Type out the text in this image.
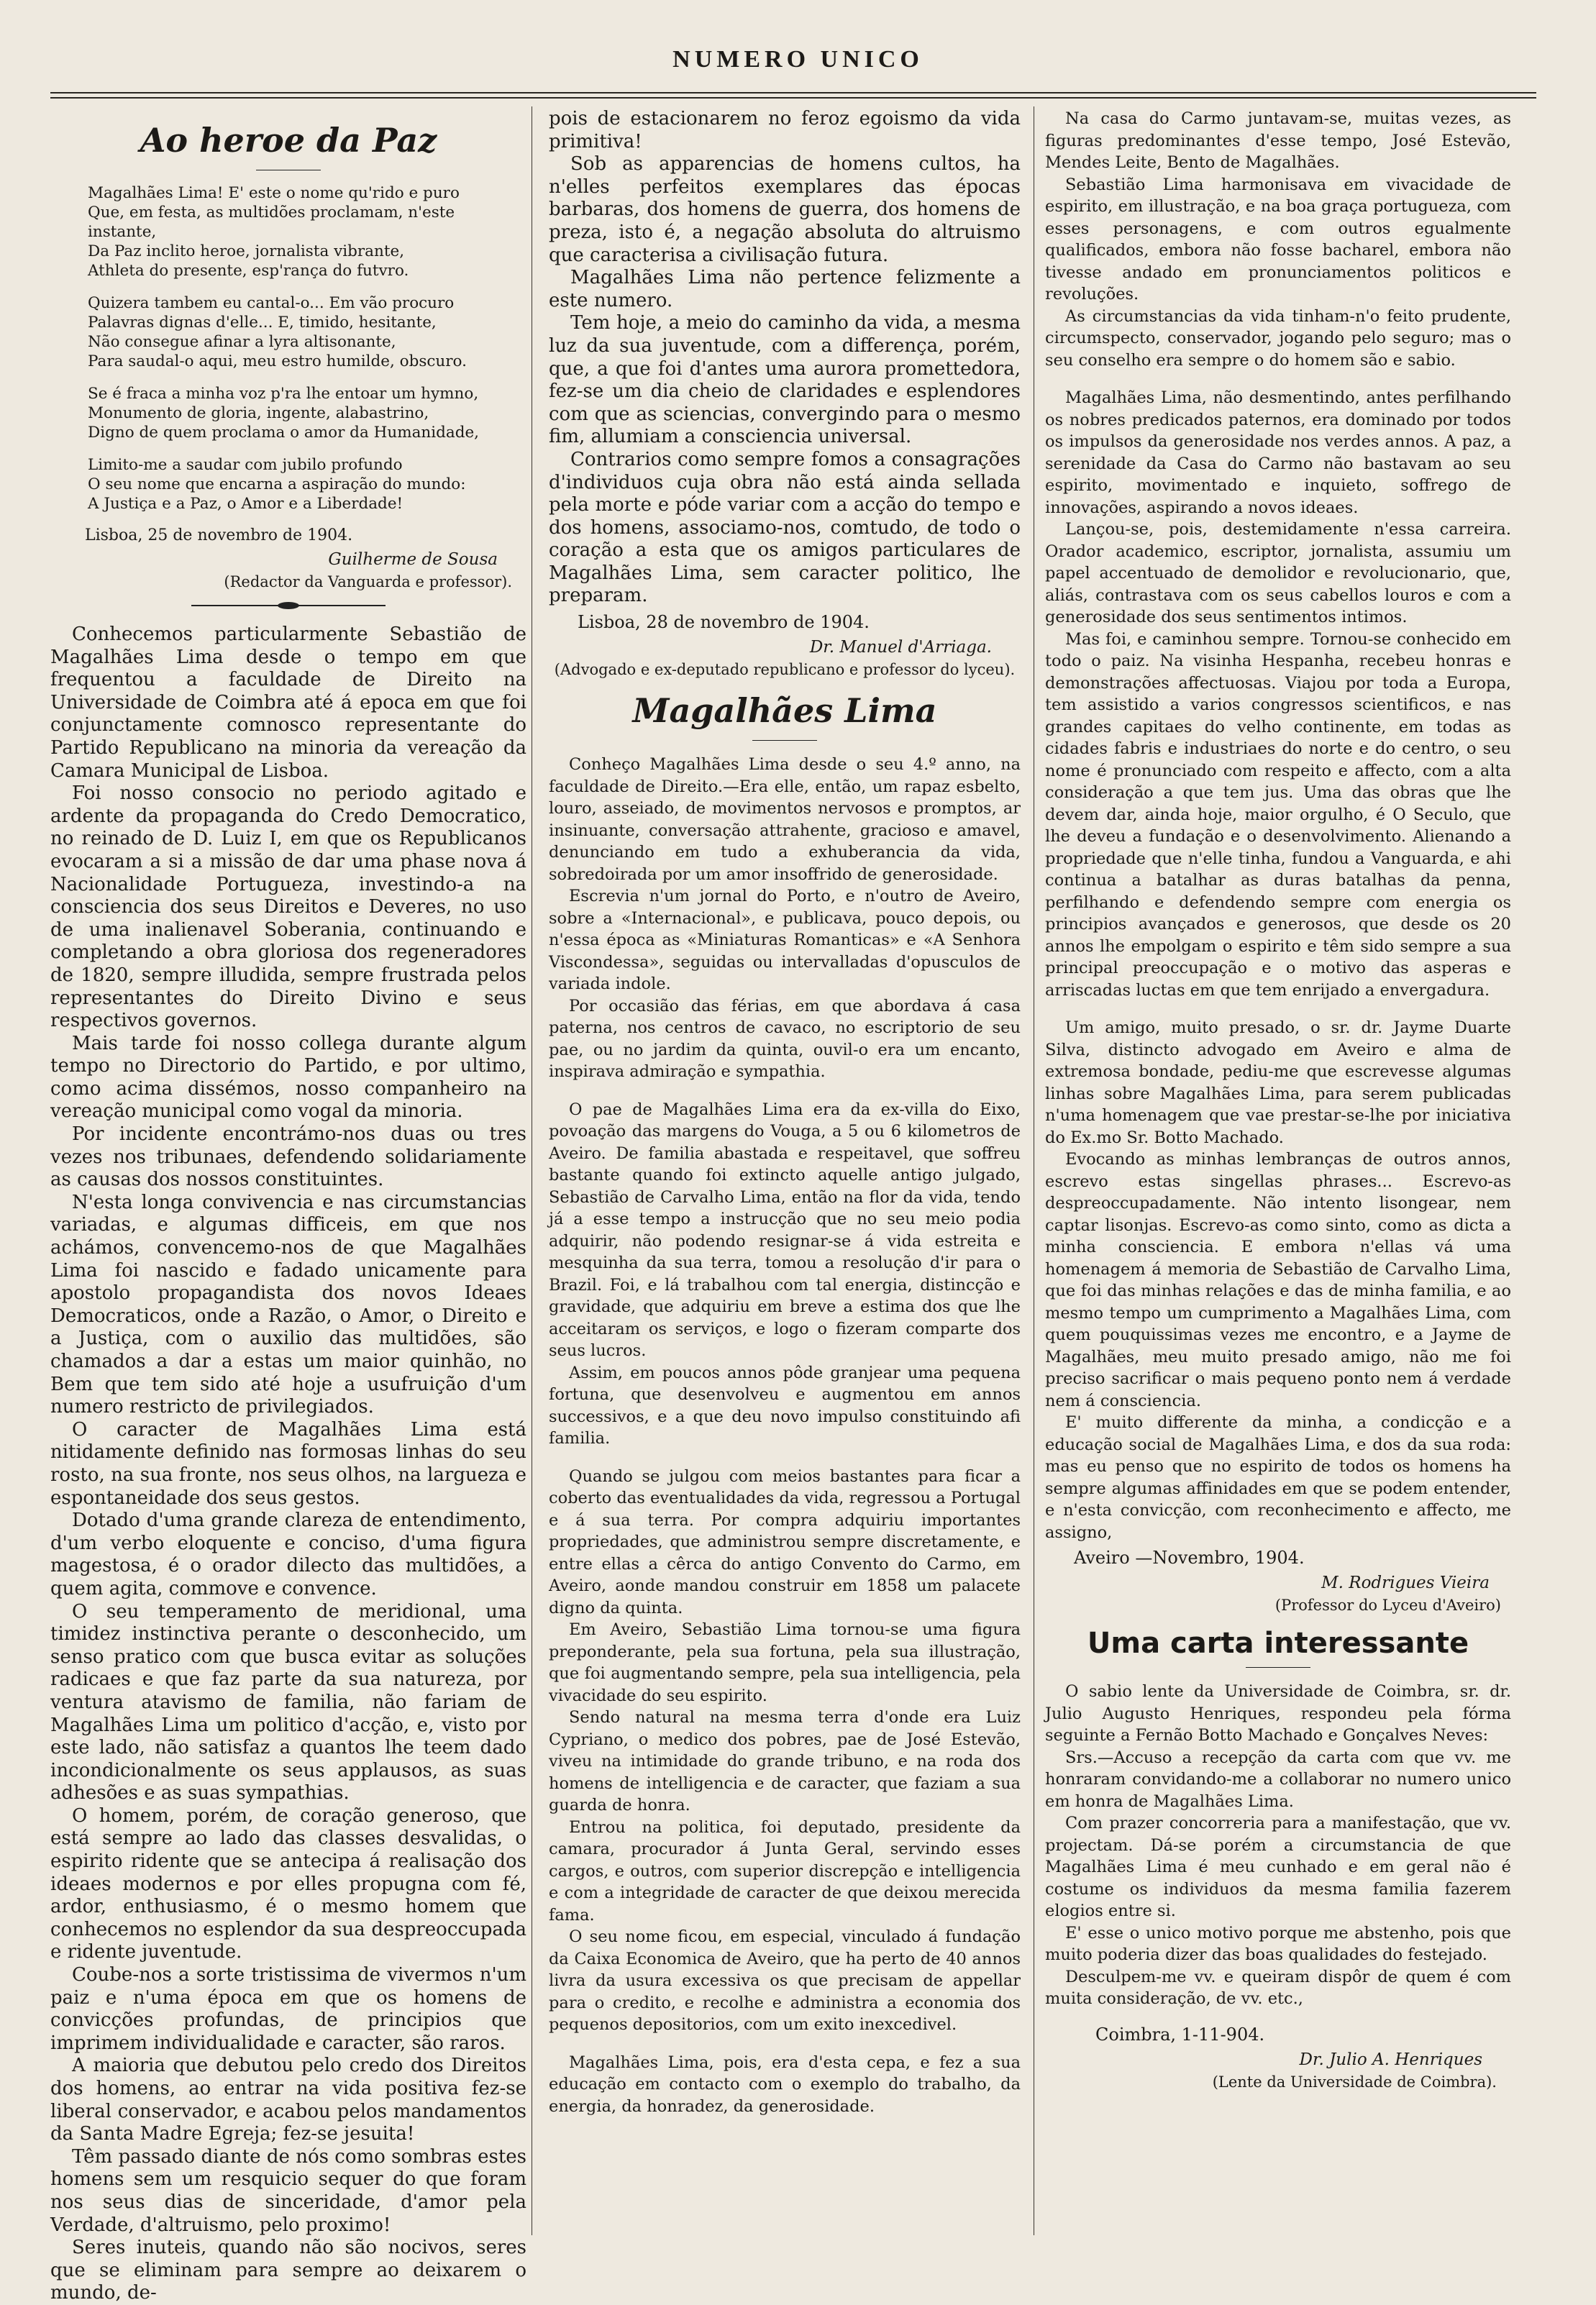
NUMERO UNICO
Ao heroe da Paz

Magalhães Lima! E' este o nome qu'rido e puro
Que, em festa, as multidões proclamam, n'este instante,
Da Paz inclito heroe, jornalista vibrante,
Athleta do presente, esp'rança do futvro.

Quizera tambem eu cantal-o... Em vão procuro
Palavras dignas d'elle... E, timido, hesitante,
Não consegue afinar a lyra altisonante,
Para saudal-o aqui, meu estro humilde, obscuro.

Se é fraca a minha voz p'ra lhe entoar um hymno,
Monumento de gloria, ingente, alabastrino,
Digno de quem proclama o amor da Humanidade,

Limito-me a saudar com jubilo profundo
O seu nome que encarna a aspiração do mundo:
A Justiça e a Paz, o Amor e a Liberdade!

Lisboa, 25 de novembro de 1904.
Guilherme de Sousa
(Redactor da Vanguarda e professor).

Conhecemos particularmente Sebastião de Magalhães Lima desde o tempo em que frequentou a faculdade de Direito na Universidade de Coimbra até á epoca em que foi conjunctamente comnosco representante do Partido Republicano na minoria da vereação da Camara Municipal de Lisboa.

Foi nosso consocio no periodo agitado e ardente da propaganda do Credo Democratico, no reinado de D. Luiz I, em que os Republicanos evocaram a si a missão de dar uma phase nova á Nacionalidade Portugueza, investindo-a na consciencia dos seus Direitos e Deveres, no uso de uma inalienavel Soberania, continuando e completando a obra gloriosa dos regeneradores de 1820, sempre illudida, sempre frustrada pelos representantes do Direito Divino e seus respectivos governos.

Mais tarde foi nosso collega durante algum tempo no Directorio do Partido, e por ultimo, como acima dissémos, nosso companheiro na vereação municipal como vogal da minoria.

Por incidente encontrámo-nos duas ou tres vezes nos tribunaes, defendendo solidariamente as causas dos nossos constituintes.

N'esta longa convivencia e nas circumstancias variadas, e algumas difficeis, em que nos achámos, convencemo-nos de que Magalhães Lima foi nascido e fadado unicamente para apostolo propagandista dos novos Ideaes Democraticos, onde a Razão, o Amor, o Direito e a Justiça, com o auxilio das multidões, são chamados a dar a estas um maior quinhão, no Bem que tem sido até hoje a usufruição d'um numero restricto de privilegiados.

O caracter de Magalhães Lima está nitidamente definido nas formosas linhas do seu rosto, na sua fronte, nos seus olhos, na largueza e espontaneidade dos seus gestos.

Dotado d'uma grande clareza de entendimento, d'um verbo eloquente e conciso, d'uma figura magestosa, é o orador dilecto das multidões, a quem agita, commove e convence.

O seu temperamento de meridional, uma timidez instinctiva perante o desconhecido, um senso pratico com que busca evitar as soluções radicaes e que faz parte da sua natureza, por ventura atavismo de familia, não fariam de Magalhães Lima um politico d'acção, e, visto por este lado, não satisfaz a quantos lhe teem dado incondicionalmente os seus applausos, as suas adhesões e as suas sympathias.

O homem, porém, de coração generoso, que está sempre ao lado das classes desvalidas, o espirito ridente que se antecipa á realisação dos ideaes modernos e por elles propugna com fé, ardor, enthusiasmo, é o mesmo homem que conhecemos no esplendor da sua despreoccupada e ridente juventude.

Coube-nos a sorte tristissima de vivermos n'um paiz e n'uma época em que os homens de convicções profundas, de principios que imprimem individualidade e caracter, são raros.

A maioria que debutou pelo credo dos Direitos dos homens, ao entrar na vida positiva fez-se liberal conservador, e acabou pelos mandamentos da Santa Madre Egreja; fez-se jesuita!

Têm passado diante de nós como sombras estes homens sem um resquicio sequer do que foram nos seus dias de sinceridade, d'amor pela Verdade, d'altruismo, pelo proximo!

Seres inuteis, quando não são nocivos, seres que se eliminam para sempre ao deixarem o mundo, de-

pois de estacionarem no feroz egoismo da vida primitiva!

Sob as apparencias de homens cultos, ha n'elles perfeitos exemplares das épocas barbaras, dos homens de guerra, dos homens de preza, isto é, a negação absoluta do altruismo que caracterisa a civilisação futura.

Magalhães Lima não pertence felizmente a este numero.

Tem hoje, a meio do caminho da vida, a mesma luz da sua juventude, com a differença, porém, que, a que foi d'antes uma aurora promettedora, fez-se um dia cheio de claridades e esplendores com que as sciencias, convergindo para o mesmo fim, allumiam a consciencia universal.

Contrarios como sempre fomos a consagrações d'individuos cuja obra não está ainda sellada pela morte e póde variar com a acção do tempo e dos homens, associamo-nos, comtudo, de todo o coração a esta que os amigos particulares de Magalhães Lima, sem caracter politico, lhe preparam.

Lisboa, 28 de novembro de 1904.
Dr. Manuel d'Arriaga.
(Advogado e ex-deputado republicano e professor do lyceu).
Magalhães Lima

Conheço Magalhães Lima desde o seu 4.º anno, na faculdade de Direito.—Era elle, então, um rapaz esbelto, louro, asseiado, de movimentos nervosos e promptos, ar insinuante, conversação attrahente, gracioso e amavel, denunciando em tudo a exhuberancia da vida, sobredoirada por um amor insoffrido de generosidade.

Escrevia n'um jornal do Porto, e n'outro de Aveiro, sobre a «Internacional», e publicava, pouco depois, ou n'essa época as «Miniaturas Romanticas» e «A Senhora Viscondessa», seguidas ou intervalladas d'opusculos de variada indole.

Por occasião das férias, em que abordava á casa paterna, nos centros de cavaco, no escriptorio de seu pae, ou no jardim da quinta, ouvil-o era um encanto, inspirava admiração e sympathia.

O pae de Magalhães Lima era da ex-villa do Eixo, povoação das margens do Vouga, a 5 ou 6 kilometros de Aveiro. De familia abastada e respeitavel, que soffreu bastante quando foi extincto aquelle antigo julgado, Sebastião de Carvalho Lima, então na flor da vida, tendo já a esse tempo a instrucção que no seu meio podia adquirir, não podendo resignar-se á vida estreita e mesquinha da sua terra, tomou a resolução d'ir para o Brazil. Foi, e lá trabalhou com tal energia, distincção e gravidade, que adquiriu em breve a estima dos que lhe acceitaram os serviços, e logo o fizeram comparte dos seus lucros.

Assim, em poucos annos pôde granjear uma pequena fortuna, que desenvolveu e augmentou em annos successivos, e a que deu novo impulso constituindo afi familia.

Quando se julgou com meios bastantes para ficar a coberto das eventualidades da vida, regressou a Portugal e á sua terra. Por compra adquiriu importantes propriedades, que administrou sempre discretamente, e entre ellas a cêrca do antigo Convento do Carmo, em Aveiro, aonde mandou construir em 1858 um palacete digno da quinta.

Em Aveiro, Sebastião Lima tornou-se uma figura preponderante, pela sua fortuna, pela sua illustração, que foi augmentando sempre, pela sua intelligencia, pela vivacidade do seu espirito.

Sendo natural na mesma terra d'onde era Luiz Cypriano, o medico dos pobres, pae de José Estevão, viveu na intimidade do grande tribuno, e na roda dos homens de intelligencia e de caracter, que faziam a sua guarda de honra.

Entrou na politica, foi deputado, presidente da camara, procurador á Junta Geral, servindo esses cargos, e outros, com superior discrepção e intelligencia e com a integridade de caracter de que deixou merecida fama.

O seu nome ficou, em especial, vinculado á fundação da Caixa Economica de Aveiro, que ha perto de 40 annos livra da usura excessiva os que precisam de appellar para o credito, e recolhe e administra a economia dos pequenos depositorios, com um exito inexcedivel.

Magalhães Lima, pois, era d'esta cepa, e fez a sua educação em contacto com o exemplo do trabalho, da energia, da honradez, da generosidade.

Na casa do Carmo juntavam-se, muitas vezes, as figuras predominantes d'esse tempo, José Estevão, Mendes Leite, Bento de Magalhães.

Sebastião Lima harmonisava em vivacidade de espirito, em illustração, e na boa graça portugueza, com esses personagens, e com outros egualmente qualificados, embora não fosse bacharel, embora não tivesse andado em pronunciamentos politicos e revoluções.

As circumstancias da vida tinham-n'o feito prudente, circumspecto, conservador, jogando pelo seguro; mas o seu conselho era sempre o do homem são e sabio.

Magalhães Lima, não desmentindo, antes perfilhando os nobres predicados paternos, era dominado por todos os impulsos da generosidade nos verdes annos. A paz, a serenidade da Casa do Carmo não bastavam ao seu espirito, movimentado e inquieto, soffrego de innovações, aspirando a novos ideaes.

Lançou-se, pois, destemidamente n'essa carreira. Orador academico, escriptor, jornalista, assumiu um papel accentuado de demolidor e revolucionario, que, aliás, contrastava com os seus cabellos louros e com a generosidade dos seus sentimentos intimos.

Mas foi, e caminhou sempre. Tornou-se conhecido em todo o paiz. Na visinha Hespanha, recebeu honras e demonstrações affectuosas. Viajou por toda a Europa, tem assistido a varios congressos scientificos, e nas grandes capitaes do velho continente, em todas as cidades fabris e industriaes do norte e do centro, o seu nome é pronunciado com respeito e affecto, com a alta consideração a que tem jus. Uma das obras que lhe devem dar, ainda hoje, maior orgulho, é O Seculo, que lhe deveu a fundação e o desenvolvimento. Alienando a propriedade que n'elle tinha, fundou a Vanguarda, e ahi continua a batalhar as duras batalhas da penna, perfilhando e defendendo sempre com energia os principios avançados e generosos, que desde os 20 annos lhe empolgam o espirito e têm sido sempre a sua principal preoccupação e o motivo das asperas e arriscadas luctas em que tem enrijado a envergadura.

Um amigo, muito presado, o sr. dr. Jayme Duarte Silva, distincto advogado em Aveiro e alma de extremosa bondade, pediu-me que escrevesse algumas linhas sobre Magalhães Lima, para serem publicadas n'uma homenagem que vae prestar-se-lhe por iniciativa do Ex.mo Sr. Botto Machado.

Evocando as minhas lembranças de outros annos, escrevo estas singellas phrases... Escrevo-as despreoccupadamente. Não intento lisongear, nem captar lisonjas. Escrevo-as como sinto, como as dicta a minha consciencia. E embora n'ellas vá uma homenagem á memoria de Sebastião de Carvalho Lima, que foi das minhas relações e das de minha familia, e ao mesmo tempo um cumprimento a Magalhães Lima, com quem pouquissimas vezes me encontro, e a Jayme de Magalhães, meu muito presado amigo, não me foi preciso sacrificar o mais pequeno ponto nem á verdade nem á consciencia.

E' muito differente da minha, a condicção e a educação social de Magalhães Lima, e dos da sua roda: mas eu penso que no espirito de todos os homens ha sempre algumas affinidades em que se podem entender, e n'esta convicção, com reconhecimento e affecto, me assigno,

Aveiro —Novembro, 1904.
M. Rodrigues Vieira
(Professor do Lyceu d'Aveiro)
Uma carta interessante

O sabio lente da Universidade de Coimbra, sr. dr. Julio Augusto Henriques, respondeu pela fórma seguinte a Fernão Botto Machado e Gonçalves Neves:

Srs.—Accuso a recepção da carta com que vv. me honraram convidando-me a collaborar no numero unico em honra de Magalhães Lima.

Com prazer concorreria para a manifestação, que vv. projectam. Dá-se porém a circumstancia de que Magalhães Lima é meu cunhado e em geral não é costume os individuos da mesma familia fazerem elogios entre si.

E' esse o unico motivo porque me abstenho, pois que muito poderia dizer das boas qualidades do festejado.

Desculpem-me vv. e queiram dispôr de quem é com muita consideração, de vv. etc.,

Coimbra, 1-11-904.
Dr. Julio A. Henriques
(Lente da Universidade de Coimbra).
